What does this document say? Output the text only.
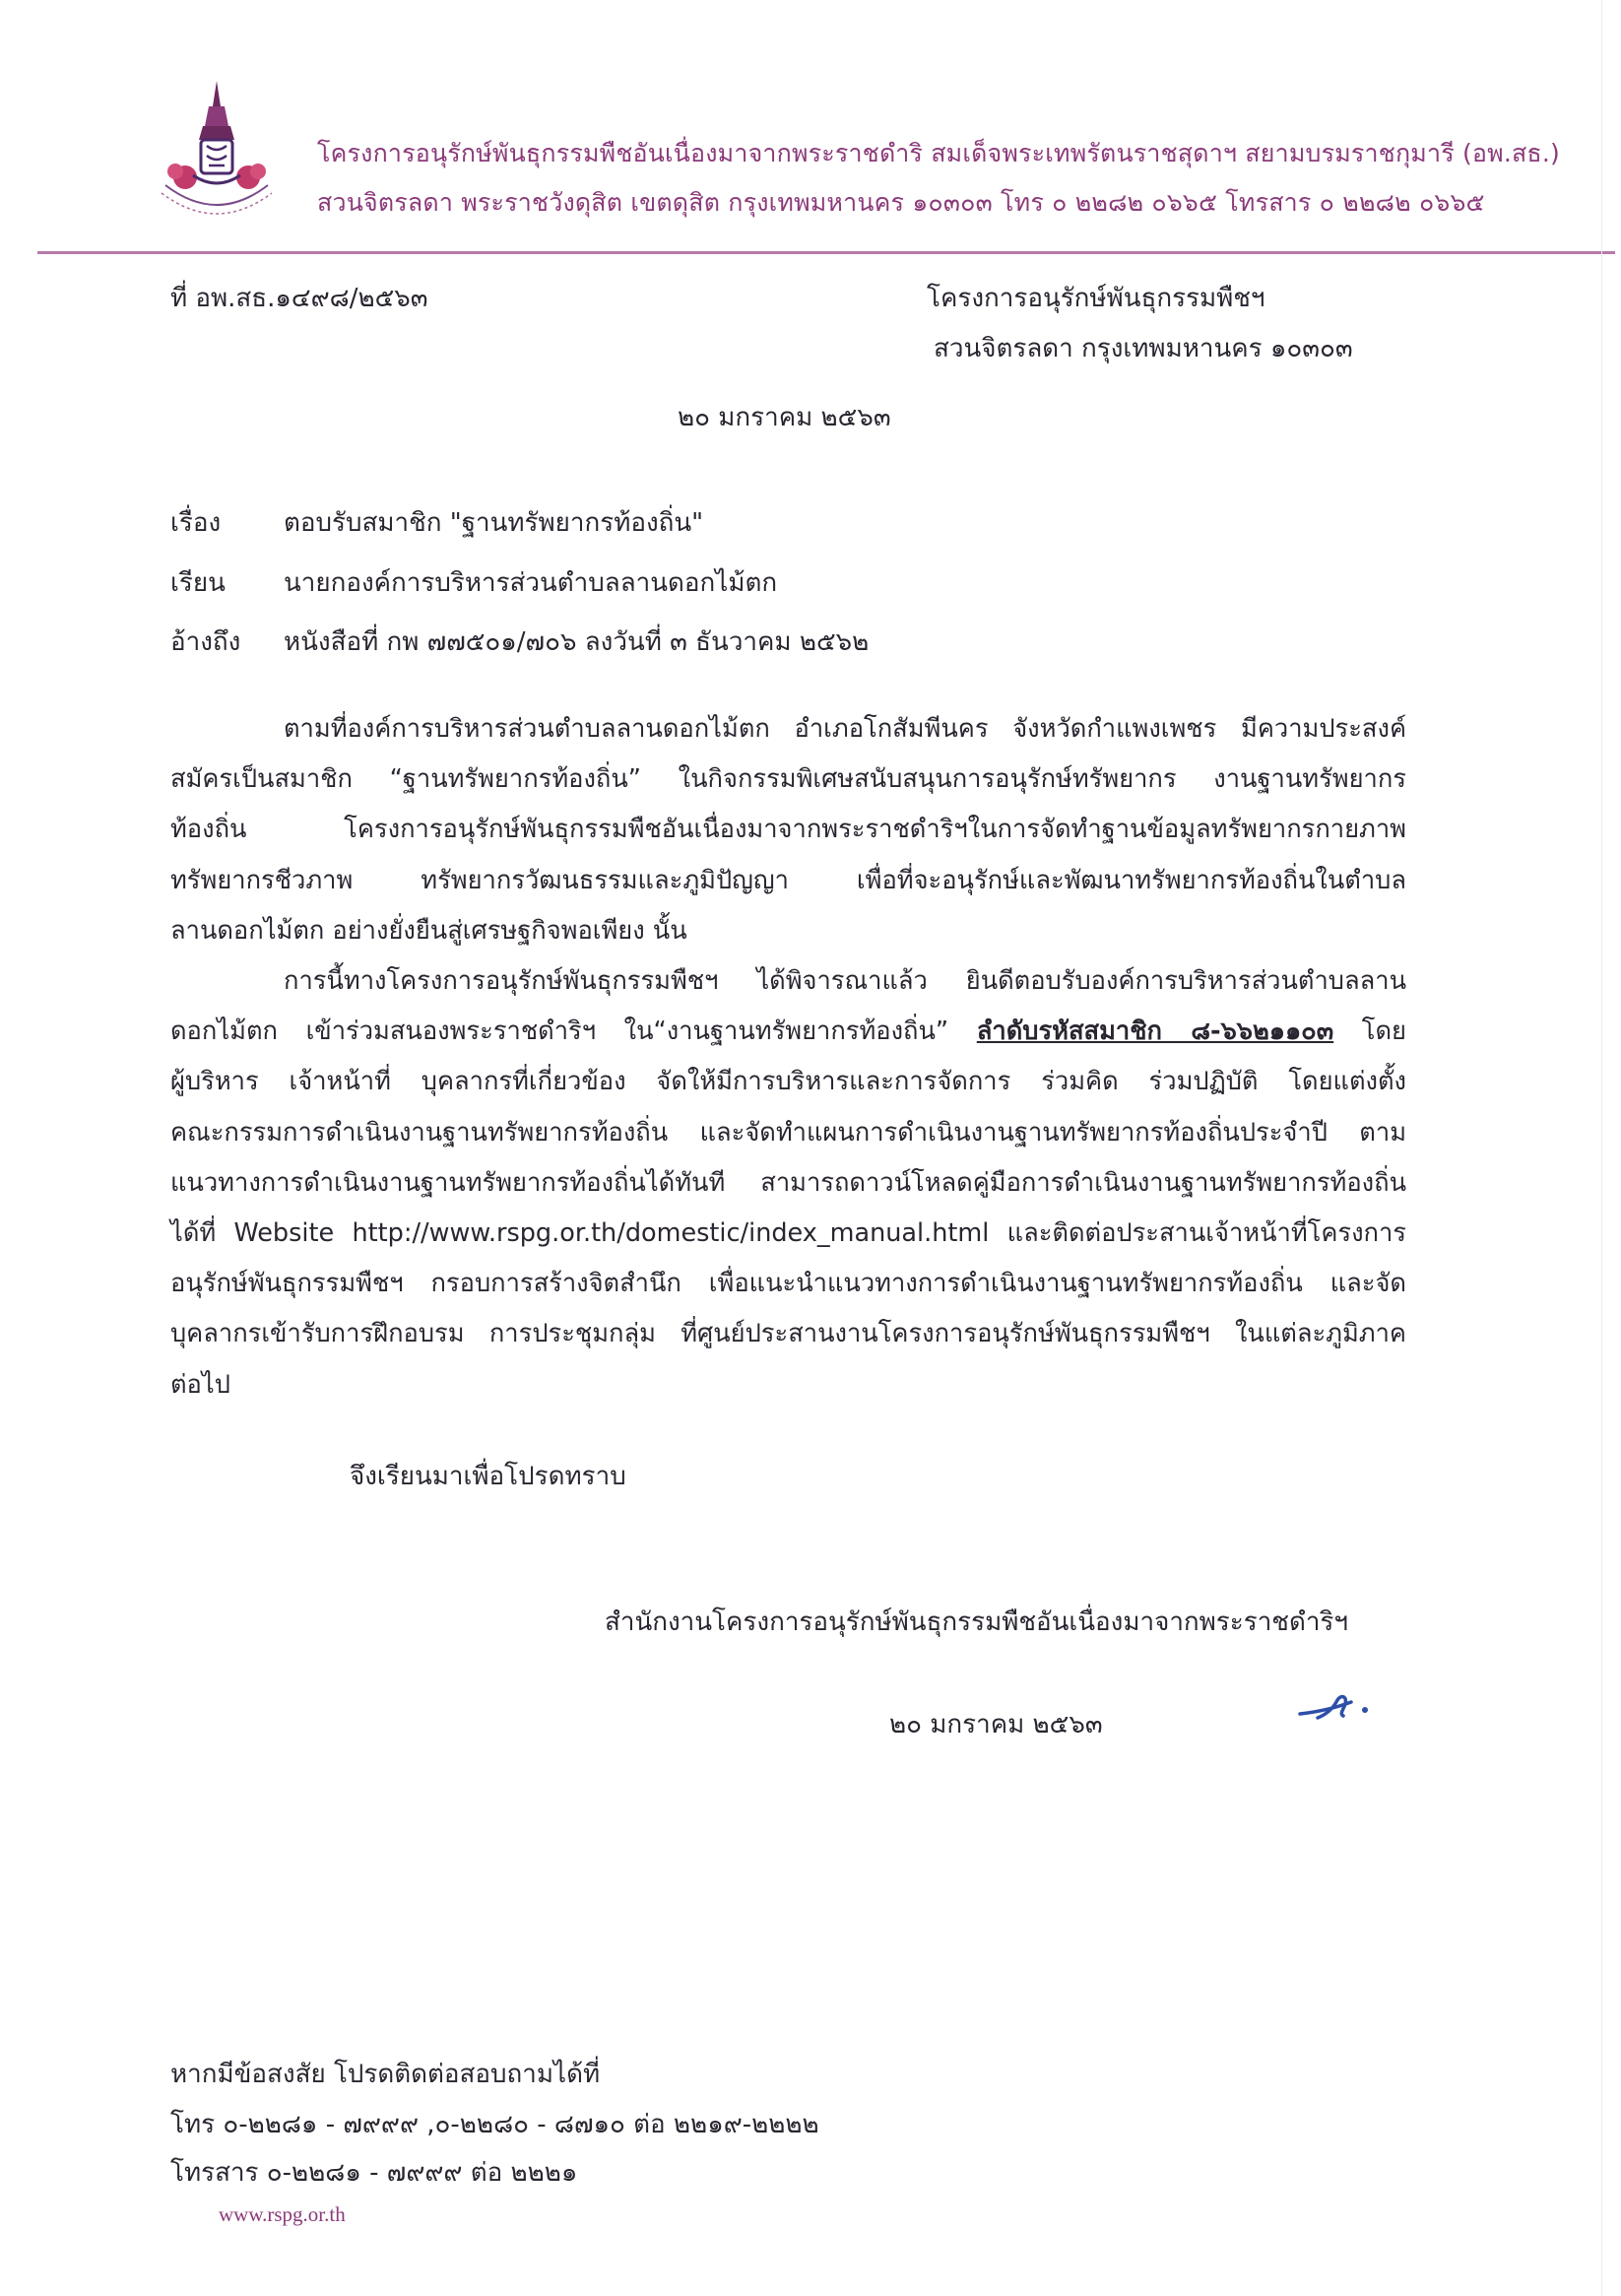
โครงการอนุรักษ์พันธุกรรมพืชอันเนื่องมาจากพระราชดำริ สมเด็จพระเทพรัตนราชสุดาฯ สยามบรมราชกุมารี (อพ.สธ.)
สวนจิตรลดา พระราชวังดุสิต เขตดุสิต กรุงเทพมหานคร ๑๐๓๐๓ โทร ๐ ๒๒๘๒ ๐๖๖๕ โทรสาร ๐ ๒๒๘๒ ๐๖๖๕
ที่ อพ.สธ.๑๔๙๘/๒๕๖๓	โครงการอนุรักษ์พันธุกรรมพืชฯ
สวนจิตรลดา กรุงเทพมหานคร ๑๐๓๐๓
๒๐ มกราคม ๒๕๖๓
เรื่อง ตอบรับสมาชิก "ฐานทรัพยากรท้องถิ่น"
เรียน นายกองค์การบริหารส่วนตำบลลานดอกไม้ตก
อ้างถึง หนังสือที่ กพ ๗๗๕๐๑/๗๐๖ ลงวันที่ ๓ ธันวาคม ๒๕๖๒
ตามที่องค์การบริหารส่วนตำบลลานดอกไม้ตก อำเภอโกสัมพีนคร จังหวัดกำแพงเพชร มีความประสงค์
สมัครเป็นสมาชิก “ฐานทรัพยากรท้องถิ่น” ในกิจกรรมพิเศษสนับสนุนการอนุรักษ์ทรัพยากร งานฐานทรัพยากร
ท้องถิ่น โครงการอนุรักษ์พันธุกรรมพืชอันเนื่องมาจากพระราชดำริฯในการจัดทำฐานข้อมูลทรัพยากรกายภาพ
ทรัพยากรชีวภาพ ทรัพยากรวัฒนธรรมและภูมิปัญญา เพื่อที่จะอนุรักษ์และพัฒนาทรัพยากรท้องถิ่นในตำบล
ลานดอกไม้ตก อย่างยั่งยืนสู่เศรษฐกิจพอเพียง นั้น
การนี้ทางโครงการอนุรักษ์พันธุกรรมพืชฯ ได้พิจารณาแล้ว ยินดีตอบรับองค์การบริหารส่วนตำบลลาน
ดอกไม้ตก เข้าร่วมสนองพระราชดำริฯ ใน“งานฐานทรัพยากรท้องถิ่น” ลำดับรหัสสมาชิก ๘-๖๖๒๑๑๐๓ โดย
ผู้บริหาร เจ้าหน้าที่ บุคลากรที่เกี่ยวข้อง จัดให้มีการบริหารและการจัดการ ร่วมคิด ร่วมปฏิบัติ โดยแต่งตั้ง
คณะกรรมการดำเนินงานฐานทรัพยากรท้องถิ่น และจัดทำแผนการดำเนินงานฐานทรัพยากรท้องถิ่นประจำปี ตาม
แนวทางการดำเนินงานฐานทรัพยากรท้องถิ่นได้ทันที สามารถดาวน์โหลดคู่มือการดำเนินงานฐานทรัพยากรท้องถิ่น
ได้ที่ Website http://www.rspg.or.th/domestic/index_manual.html และติดต่อประสานเจ้าหน้าที่โครงการ
อนุรักษ์พันธุกรรมพืชฯ กรอบการสร้างจิตสำนึก เพื่อแนะนำแนวทางการดำเนินงานฐานทรัพยากรท้องถิ่น และจัด
บุคลากรเข้ารับการฝึกอบรม การประชุมกลุ่ม ที่ศูนย์ประสานงานโครงการอนุรักษ์พันธุกรรมพืชฯ ในแต่ละภูมิภาค
ต่อไป
จึงเรียนมาเพื่อโปรดทราบ
สำนักงานโครงการอนุรักษ์พันธุกรรมพืชอันเนื่องมาจากพระราชดำริฯ
๒๐ มกราคม ๒๕๖๓
หากมีข้อสงสัย โปรดติดต่อสอบถามได้ที่
โทร ๐-๒๒๘๑ - ๗๙๙๙ ,๐-๒๒๘๐ - ๘๗๑๐ ต่อ ๒๒๑๙-๒๒๒๒
โทรสาร ๐-๒๒๘๑ - ๗๙๙๙ ต่อ ๒๒๒๑
www.rspg.or.th
